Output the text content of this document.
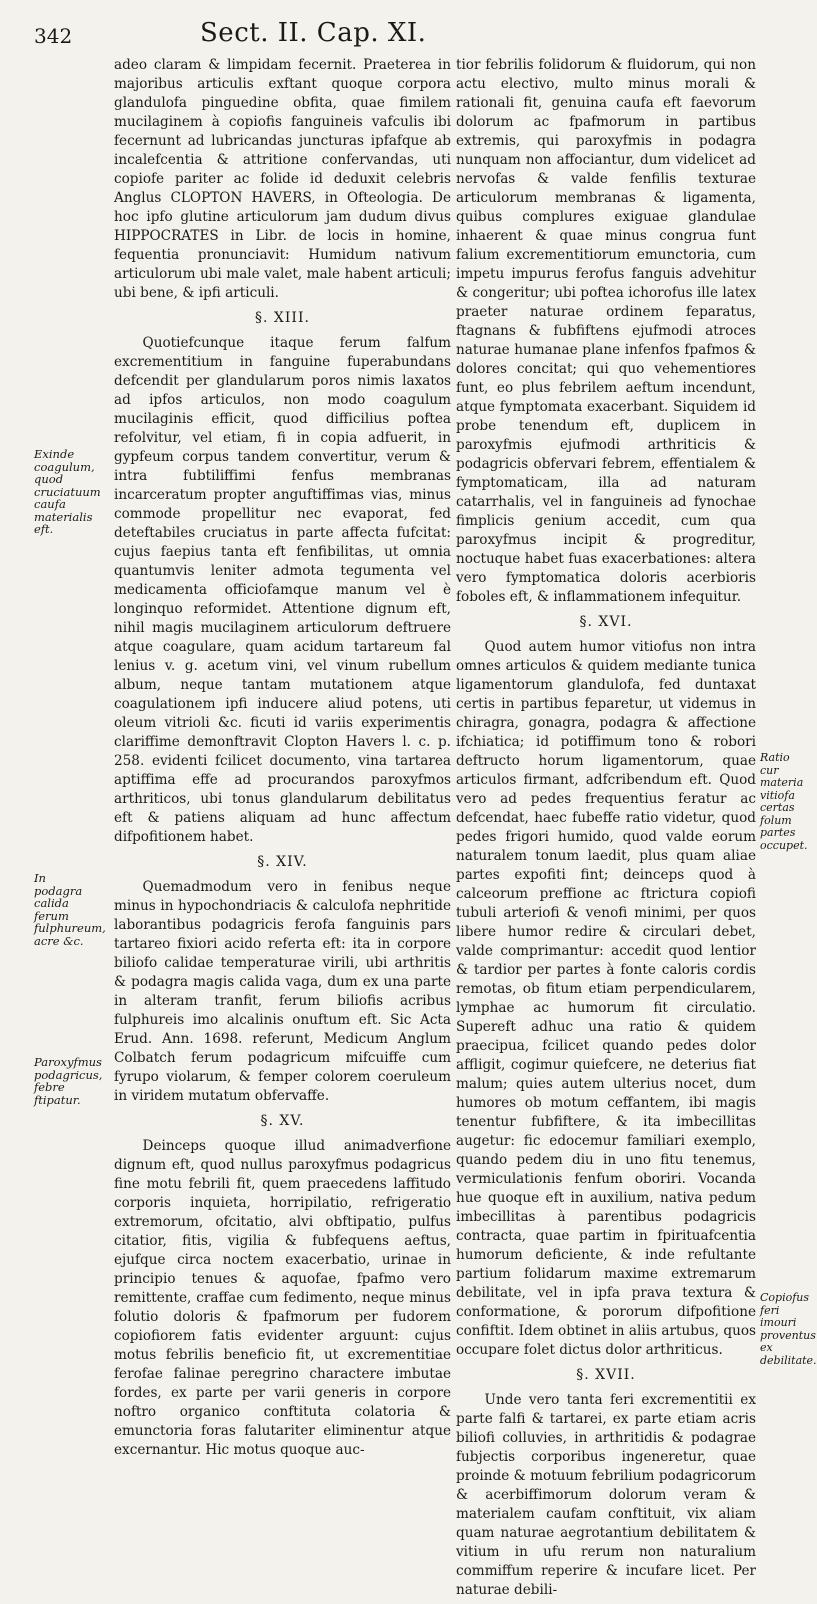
342	Sect. II. Cap. XI.

adeo claram & limpidam fecernit. Praeterea in majoribus articulis exftant quoque corpora glandulofa pinguedine obfita, quae fimilem mucilaginem à copiofis fanguineis vafculis ibi fecernunt ad lubricandas juncturas ipfafque ab incalefcentia & attritione confervandas, uti copiofe pariter ac folide id deduxit celebris Anglus CLOPTON HAVERS, in Ofteologia. De hoc ipfo glutine articulorum jam dudum divus HIPPOCRATES in Libr. de locis in homine, fequentia pronunciavit: Humidum nativum articulorum ubi male valet, male habent articuli; ubi bene, & ipfi articuli.

§. XIII.

Quotiefcunque itaque ferum falfum excrementitium in fanguine fuperabundans defcendit per glandularum poros nimis laxatos ad ipfos articulos, non modo coagulum mucilaginis efficit, quod difficilius poftea refolvitur, vel etiam, fi in copia adfuerit, in gypfeum corpus tandem convertitur, verum & intra fubtiliffimi fenfus membranas incarceratum propter anguftiffimas vias, minus commode propellitur nec evaporat, fed deteftabiles cruciatus in parte affecta fufcitat: cujus faepius tanta eft fenfibilitas, ut omnia quantumvis leniter admota tegumenta vel medicamenta officiofamque manum vel è longinquo reformidet. Attentione dignum eft, nihil magis mucilaginem articulorum deftruere atque coagulare, quam acidum tartareum fal lenius v. g. acetum vini, vel vinum rubellum album, neque tantam mutationem atque coagulationem ipfi inducere aliud potens, uti oleum vitrioli &c. ficuti id variis experimentis clariffime demonftravit Clopton Havers l. c. p. 258. evidenti fcilicet documento, vina tartarea aptiffima effe ad procurandos paroxyfmos arthriticos, ubi tonus glandularum debilitatus eft & patiens aliquam ad hunc affectum difpofitionem habet.

§. XIV.

Quemadmodum vero in fenibus neque minus in hypochondriacis & calculofa nephritide laborantibus podagricis ferofa fanguinis pars tartareo fixiori acido referta eft: ita in corpore biliofo calidae temperaturae virili, ubi arthritis & podagra magis calida vaga, dum ex una parte in alteram tranfit, ferum biliofis acribus fulphureis imo alcalinis onuftum eft. Sic Acta Erud. Ann. 1698. referunt, Medicum Anglum Colbatch ferum podagricum mifcuiffe cum fyrupo violarum, & femper colorem coeruleum in viridem mutatum obfervaffe.

§. XV.

Deinceps quoque illud animadverfione dignum eft, quod nullus paroxyfmus podagricus fine motu febrili fit, quem praecedens laffitudo corporis inquieta, horripilatio, refrigeratio extremorum, ofcitatio, alvi obftipatio, pulfus citatior, fitis, vigilia & fubfequens aeftus, ejufque circa noctem exacerbatio, urinae in principio tenues & aquofae, fpafmo vero remittente, craffae cum fedimento, neque minus folutio doloris & fpafmorum per fudorem copiofiorem fatis evidenter arguunt: cujus motus febrilis beneficio fit, ut excrementitiae ferofae falinae peregrino charactere imbutae fordes, ex parte per varii generis in corpore noftro organico conftituta colatoria & emunctoria foras falutariter eliminentur atque excernantur. Hic motus quoque auc-

tior febrilis folidorum & fluidorum, qui non actu electivo, multo minus morali & rationali fit, genuina caufa eft faevorum dolorum ac fpafmorum in partibus extremis, qui paroxyfmis in podagra nunquam non affociantur, dum videlicet ad nervofas & valde fenfilis texturae articulorum membranas & ligamenta, quibus complures exiguae glandulae inhaerent & quae minus congrua funt falium excrementitiorum emunctoria, cum impetu impurus ferofus fanguis advehitur & congeritur; ubi poftea ichorofus ille latex praeter naturae ordinem feparatus, ftagnans & fubfiftens ejufmodi atroces naturae humanae plane infenfos fpafmos & dolores concitat; qui quo vehementiores funt, eo plus febrilem aeftum incendunt, atque fymptomata exacerbant. Siquidem id probe tenendum eft, duplicem in paroxyfmis ejufmodi arthriticis & podagricis obfervari febrem, effentialem & fymptomaticam, illa ad naturam catarrhalis, vel in fanguineis ad fynochae fimplicis genium accedit, cum qua paroxyfmus incipit & progreditur, noctuque habet fuas exacerbationes: altera vero fymptomatica doloris acerbioris foboles eft, & inflammationem infequitur.

§. XVI.

Quod autem humor vitiofus non intra omnes articulos & quidem mediante tunica ligamentorum glandulofa, fed duntaxat certis in partibus feparetur, ut videmus in chiragra, gonagra, podagra & affectione ifchiatica; id potiffimum tono & robori deftructo horum ligamentorum, quae articulos firmant, adfcribendum eft. Quod vero ad pedes frequentius feratur ac defcendat, haec fubeffe ratio videtur, quod pedes frigori humido, quod valde eorum naturalem tonum laedit, plus quam aliae partes expofiti fint; deinceps quod à calceorum preffione ac ftrictura copiofi tubuli arteriofi & venofi minimi, per quos libere humor redire & circulari debet, valde comprimantur: accedit quod lentior & tardior per partes à fonte caloris cordis remotas, ob fitum etiam perpendicularem, lymphae ac humorum fit circulatio. Supereft adhuc una ratio & quidem praecipua, fcilicet quando pedes dolor affligit, cogimur quiefcere, ne deterius fiat malum; quies autem ulterius nocet, dum humores ob motum ceffantem, ibi magis tenentur fubfiftere, & ita imbecillitas augetur: fic edocemur familiari exemplo, quando pedem diu in uno fitu tenemus, vermiculationis fenfum oboriri. Vocanda hue quoque eft in auxilium, nativa pedum imbecillitas à parentibus podagricis contracta, quae partim in fpirituafcentia humorum deficiente, & inde refultante partium folidarum maxime extremarum debilitate, vel in ipfa prava textura & conformatione, & pororum difpofitione confiftit. Idem obtinet in aliis artubus, quos occupare folet dictus dolor arthriticus.

§. XVII.

Unde vero tanta feri excrementitii ex parte falfi & tartarei, ex parte etiam acris biliofi colluvies, in arthritidis & podagrae fubjectis corporibus ingeneretur, quae proinde & motuum febrilium podagricorum & acerbiffimorum dolorum veram & materialem caufam conftituit, vix aliam quam naturae aegrotantium debilitatem & vitium in ufu rerum non naturalium commiffum reperire & incufare licet. Per naturae debili-

Exinde coagulum, quod cruciatuum caufa materialis eft.
In podagra calida ferum fulphureum, acre &c.
Paroxyfmus podagricus, febre ftipatur.
Ratio cur materia vitiofa certas folum partes occupet.
Copiofus feri imouri proventus ex debilitate.
